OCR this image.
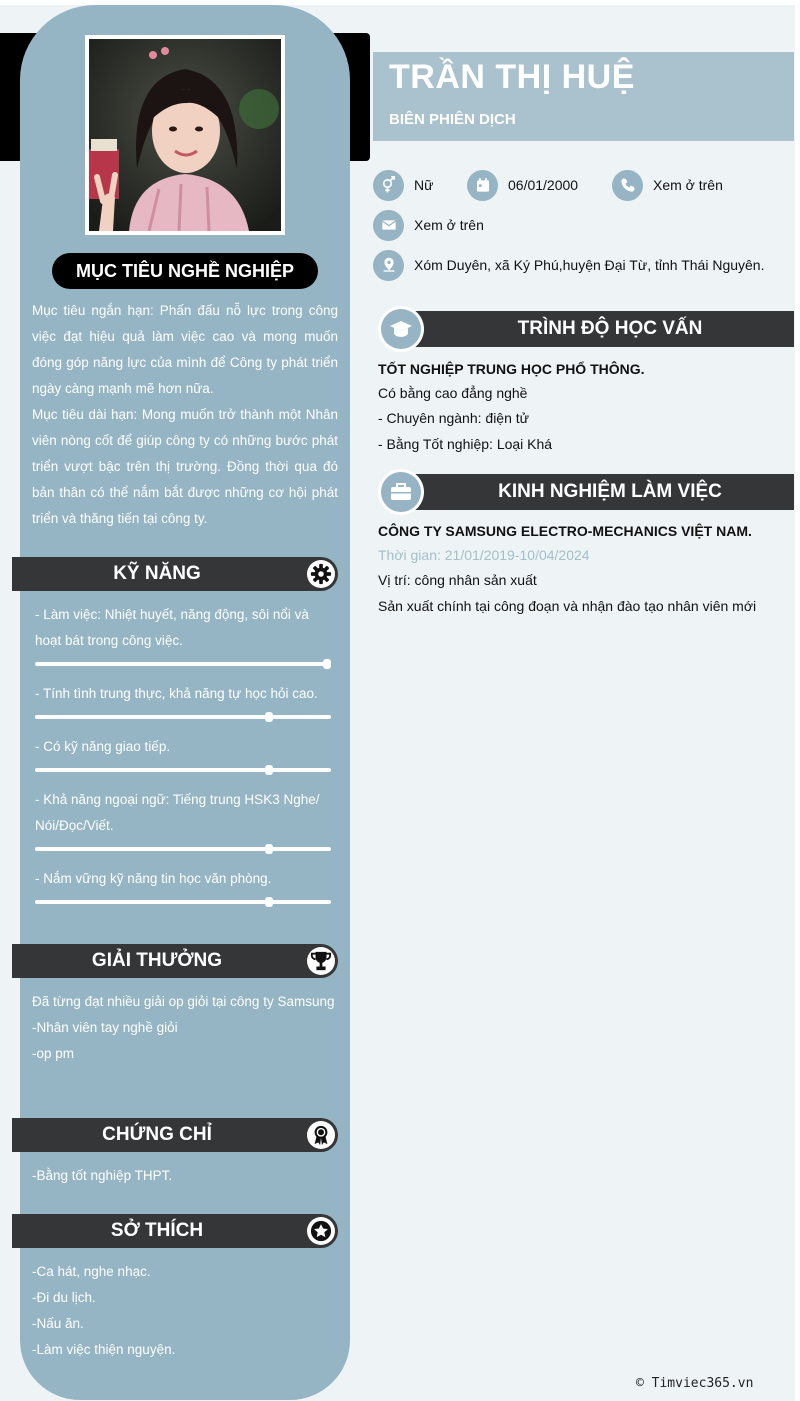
MỤC TIÊU NGHỀ NGHIỆP

Mục tiêu ngắn hạn: Phấn đấu nỗ lực trong công việc đạt hiệu quả làm việc cao và mong muốn đóng góp năng lực của mình để Công ty phát triển ngày càng mạnh mẽ hơn nữa.

Mục tiêu dài hạn: Mong muốn trở thành một Nhân viên nòng cốt để giúp công ty có những bước phát triển vượt bậc trên thị trường. Đồng thời qua đó bản thân có thể nắm bắt được những cơ hội phát triển và thăng tiến tại công ty.

KỸ NĂNG
- Làm việc: Nhiệt huyết, năng động, sôi nổi và hoạt bát trong công việc.
- Tính tình trung thực, khả năng tự học hỏi cao.
- Có kỹ năng giao tiếp.
- Khả năng ngoại ngữ: Tiếng trung HSK3 Nghe/ Nói/Đọc/Viết.
- Nắm vững kỹ năng tin học văn phòng.
GIẢI THƯỞNG

Đã từng đạt nhiều giải op giỏi tại công ty Samsung

-Nhân viên tay nghề giỏi

-op pm

CHỨNG CHỈ

-Bằng tốt nghiệp THPT.

SỞ THÍCH

-Ca hát, nghe nhạc.

-Đi du lịch.

-Nấu ăn.

-Làm việc thiện nguyện.

TRẦN THỊ HUỆ
BIÊN PHIÊN DỊCH
Nữ	06/01/2000	Xem ở trên
Xem ở trên
Xóm Duyên, xã Ký Phú,huyện Đại Từ, tỉnh Thái Nguyên.
TRÌNH ĐỘ HỌC VẤN
TỐT NGHIỆP TRUNG HỌC PHỔ THÔNG.
Có bằng cao đẳng nghề
- Chuyên ngành: điện tử
- Bằng Tốt nghiệp: Loại Khá
KINH NGHIỆM LÀM VIỆC
CÔNG TY SAMSUNG ELECTRO-MECHANICS VIỆT NAM.
Thời gian: 21/01/2019-10/04/2024
Vị trí: công nhân sản xuất
Sản xuất chính tại công đoạn và nhận đào tạo nhân viên mới
© Timviec365.vn
